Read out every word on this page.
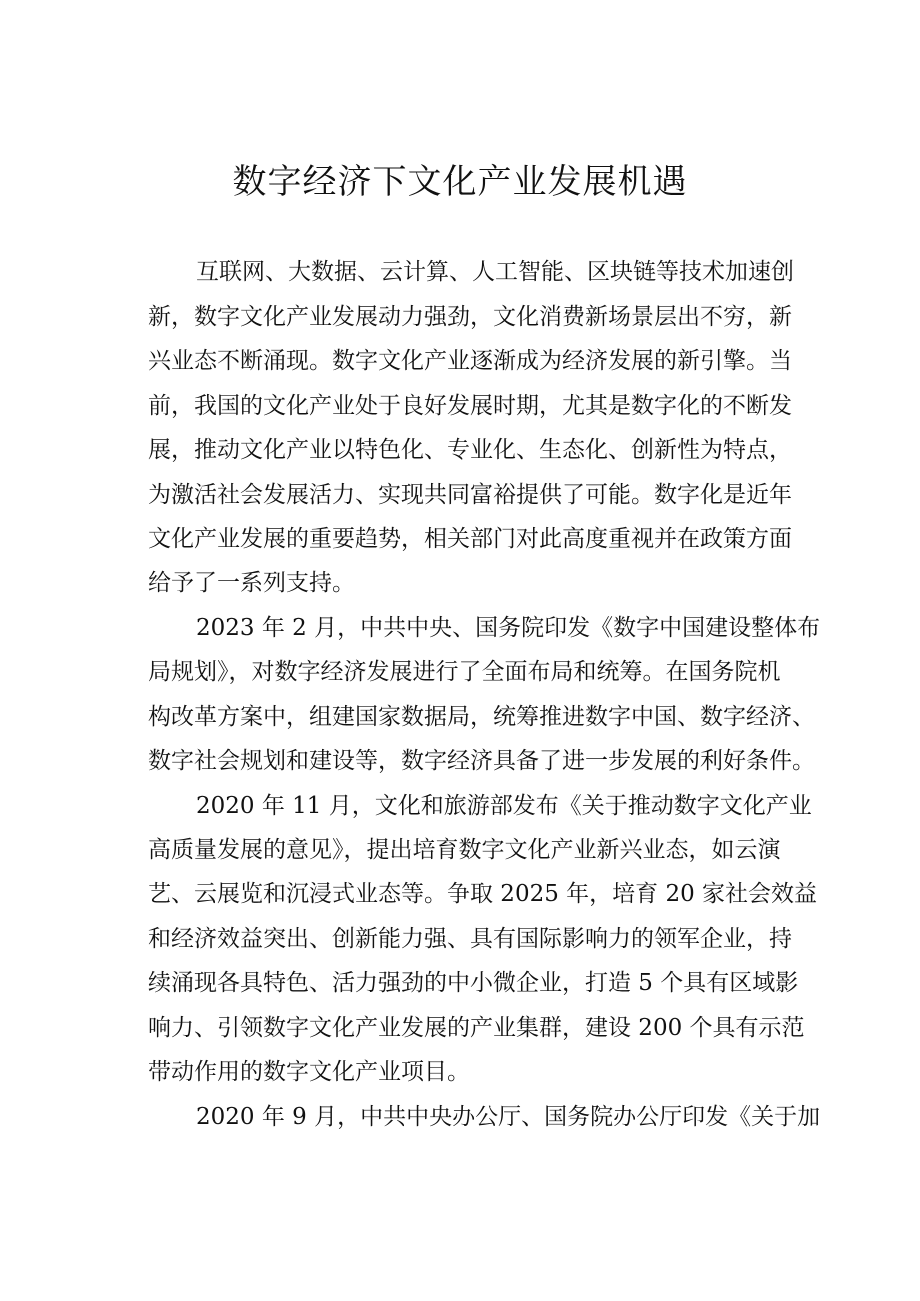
数字经济下文化产业发展机遇
互联网、大数据、云计算、人工智能、区块链等技术加速创
新，数字文化产业发展动力强劲，文化消费新场景层出不穷，新
兴业态不断涌现。数字文化产业逐渐成为经济发展的新引擎。当
前，我国的文化产业处于良好发展时期，尤其是数字化的不断发
展，推动文化产业以特色化、专业化、生态化、创新性为特点，
为激活社会发展活力、实现共同富裕提供了可能。数字化是近年
文化产业发展的重要趋势，相关部门对此高度重视并在政策方面
给予了一系列支持。
2023 年 2 月，中共中央、国务院印发《数字中国建设整体布
局规划》，对数字经济发展进行了全面布局和统筹。在国务院机
构改革方案中，组建国家数据局，统筹推进数字中国、数字经济、
数字社会规划和建设等，数字经济具备了进一步发展的利好条件。
2020 年 11 月，文化和旅游部发布《关于推动数字文化产业
高质量发展的意见》，提出培育数字文化产业新兴业态，如云演
艺、云展览和沉浸式业态等。争取 2025 年，培育 20 家社会效益
和经济效益突出、创新能力强、具有国际影响力的领军企业，持
续涌现各具特色、活力强劲的中小微企业，打造 5 个具有区域影
响力、引领数字文化产业发展的产业集群，建设 200 个具有示范
带动作用的数字文化产业项目。
2020 年 9 月，中共中央办公厅、国务院办公厅印发《关于加
